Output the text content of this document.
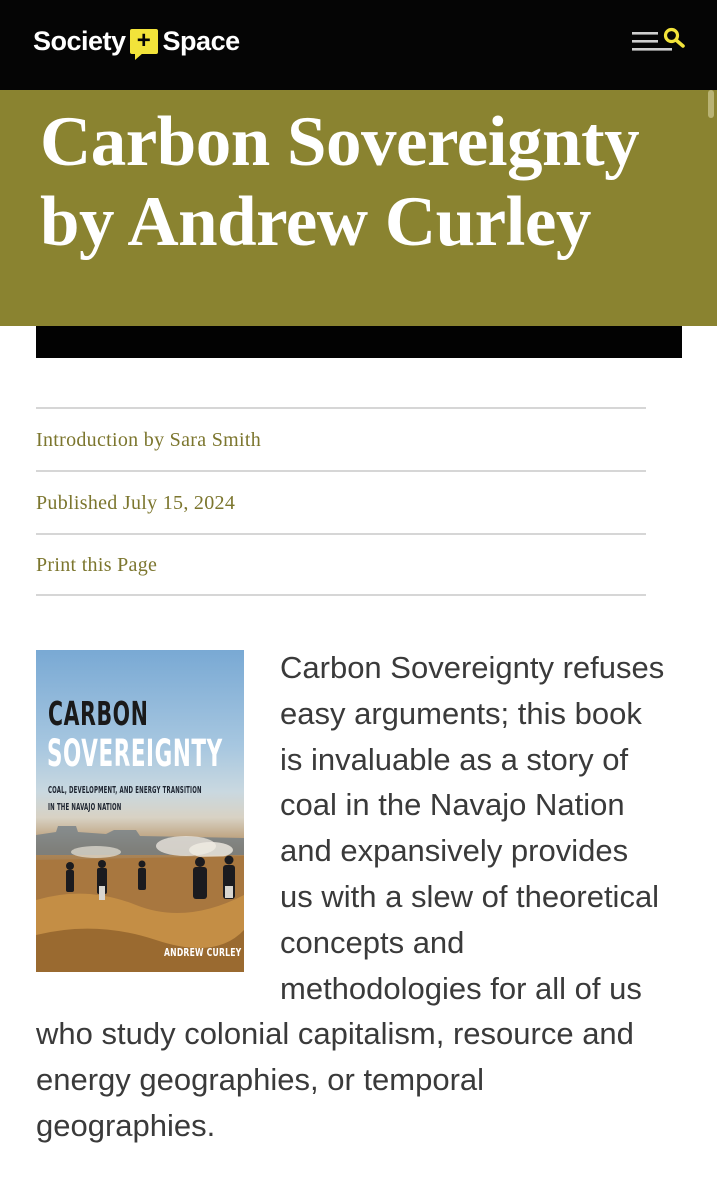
Society + Space
Carbon Sovereignty by Andrew Curley
Introduction by Sara Smith
Published July 15, 2024
Print this Page
CARBON
SOVEREIGNTY
COAL, DEVELOPMENT, AND ENERGY TRANSITION
IN THE NAVAJO NATION
ANDREW CURLEY
Carbon Sovereignty refuses easy arguments; this book is invaluable as a story of coal in the Navajo Nation and expansively provides us with a slew of theoretical concepts and methodologies for all of us who study colonial capitalism, resource and energy geographies, or temporal geographies.
